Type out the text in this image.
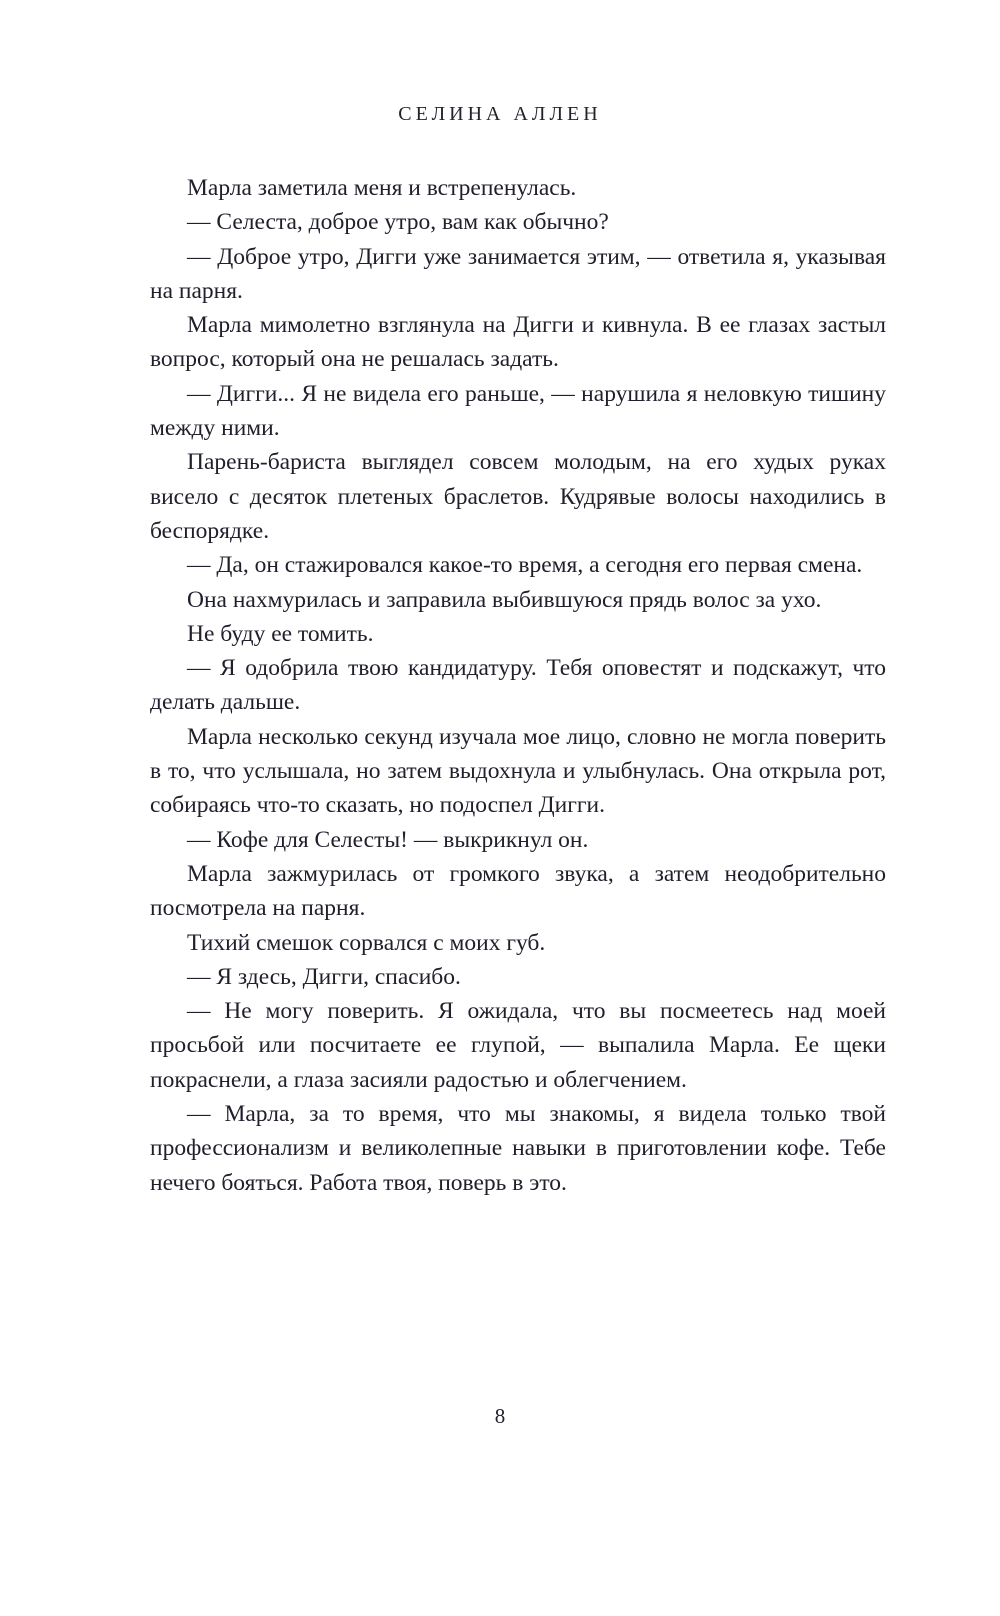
СЕЛИНА АЛЛЕН

Марла заметила меня и встрепенулась.

— Селеста, доброе утро, вам как обычно?

— Доброе утро, Дигги уже занимается этим, — ответила я, указывая на парня.

Марла мимолетно взглянула на Дигги и кивнула. В ее глазах застыл вопрос, который она не решалась задать.

— Дигги... Я не видела его раньше, — нарушила я неловкую тишину между ними.

Парень-бариста выглядел совсем молодым, на его худых руках висело с десяток плетеных браслетов. Кудрявые волосы находились в беспорядке.

— Да, он стажировался какое-то время, а сегодня его первая смена.

Она нахмурилась и заправила выбившуюся прядь волос за ухо.

Не буду ее томить.

— Я одобрила твою кандидатуру. Тебя оповестят и подскажут, что делать дальше.

Марла несколько секунд изучала мое лицо, словно не могла поверить в то, что услышала, но затем выдохнула и улыбнулась. Она открыла рот, собираясь что-то сказать, но подоспел Дигги.

— Кофе для Селесты! — выкрикнул он.

Марла зажмурилась от громкого звука, а затем неодобрительно посмотрела на парня.

Тихий смешок сорвался с моих губ.

— Я здесь, Дигги, спасибо.

— Не могу поверить. Я ожидала, что вы посмеетесь над моей просьбой или посчитаете ее глупой, — выпалила Марла. Ее щеки покраснели, а глаза засияли радостью и облегчением.

— Марла, за то время, что мы знакомы, я видела только твой профессионализм и великолепные навыки в приготовлении кофе. Тебе нечего бояться. Работа твоя, поверь в это.

8
